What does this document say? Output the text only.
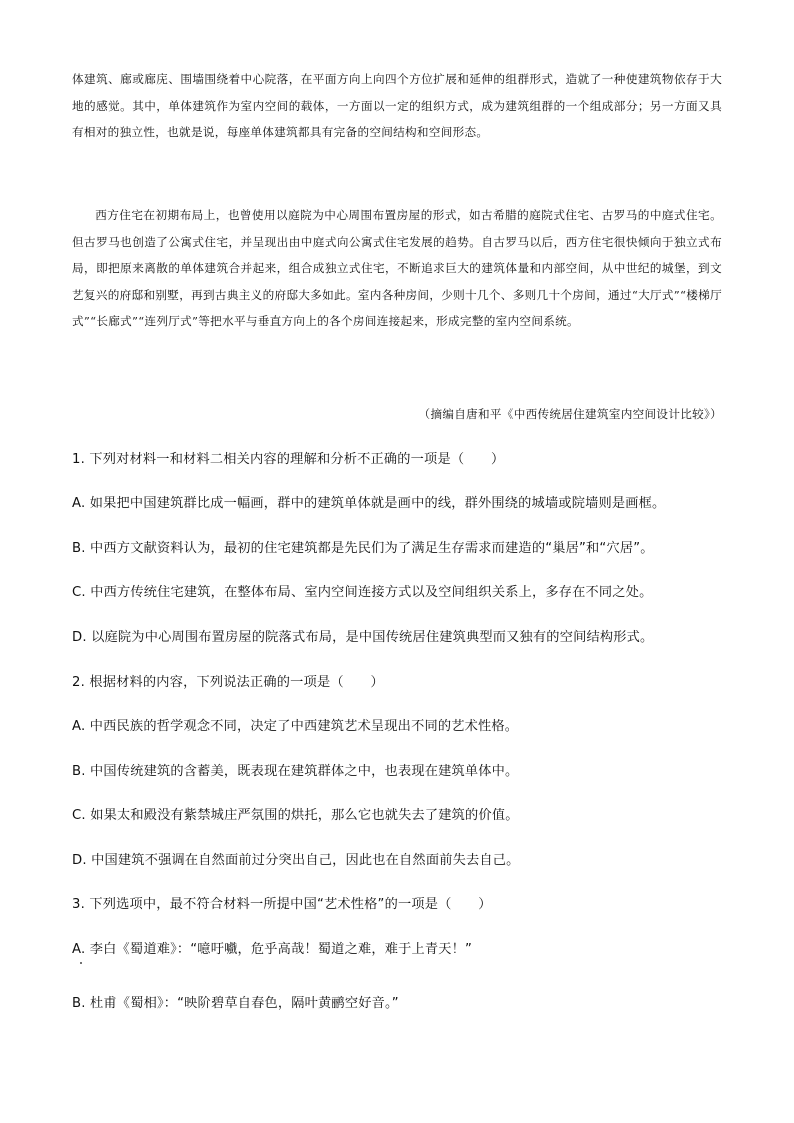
体建筑、廊或廊庑、围墙围绕着中心院落，在平面方向上向四个方位扩展和延伸的组群形式，造就了一种使建筑物依存于大地的感觉。其中，单体建筑作为室内空间的载体，一方面以一定的组织方式，成为建筑组群的一个组成部分；另一方面又具有相对的独立性，也就是说，每座单体建筑都具有完备的空间结构和空间形态。

西方住宅在初期布局上，也曾使用以庭院为中心周围布置房屋的形式，如古希腊的庭院式住宅、古罗马的中庭式住宅。但古罗马也创造了公寓式住宅，并呈现出由中庭式向公寓式住宅发展的趋势。自古罗马以后，西方住宅很快倾向于独立式布局，即把原来离散的单体建筑合并起来，组合成独立式住宅，不断追求巨大的建筑体量和内部空间，从中世纪的城堡，到文艺复兴的府邸和别墅，再到古典主义的府邸大多如此。室内各种房间，少则十几个、多则几十个房间，通过“大厅式”“楼梯厅式”“长廊式”“连列厅式”等把水平与垂直方向上的各个房间连接起来，形成完整的室内空间系统。

（摘编自唐和平《中西传统居住建筑室内空间设计比较》）

1. 下列对材料一和材料二相关内容的理解和分析不正确的一项是（　　）

A. 如果把中国建筑群比成一幅画，群中的建筑单体就是画中的线，群外围绕的城墙或院墙则是画框。

B. 中西方文献资料认为，最初的住宅建筑都是先民们为了满足生存需求而建造的“巢居”和“穴居”。

C. 中西方传统住宅建筑，在整体布局、室内空间连接方式以及空间组织关系上，多存在不同之处。

D. 以庭院为中心周围布置房屋的院落式布局，是中国传统居住建筑典型而又独有的空间结构形式。

2. 根据材料的内容，下列说法正确的一项是（　　）

A. 中西民族的哲学观念不同，决定了中西建筑艺术呈现出不同的艺术性格。

B. 中国传统建筑的含蓄美，既表现在建筑群体之中，也表现在建筑单体中。

C. 如果太和殿没有紫禁城庄严氛围的烘托，那么它也就失去了建筑的价值。

D. 中国建筑不强调在自然面前过分突出自己，因此也在自然面前失去自己。

3. 下列选项中，最不符合材料一所提中国“艺术性格”的一项是（　　）

A. 李白《蜀道难》：“噫吁嚱，危乎高哉！蜀道之难，难于上青天！”

B. 杜甫《蜀相》：“映阶碧草自春色，隔叶黄鹂空好音。”
